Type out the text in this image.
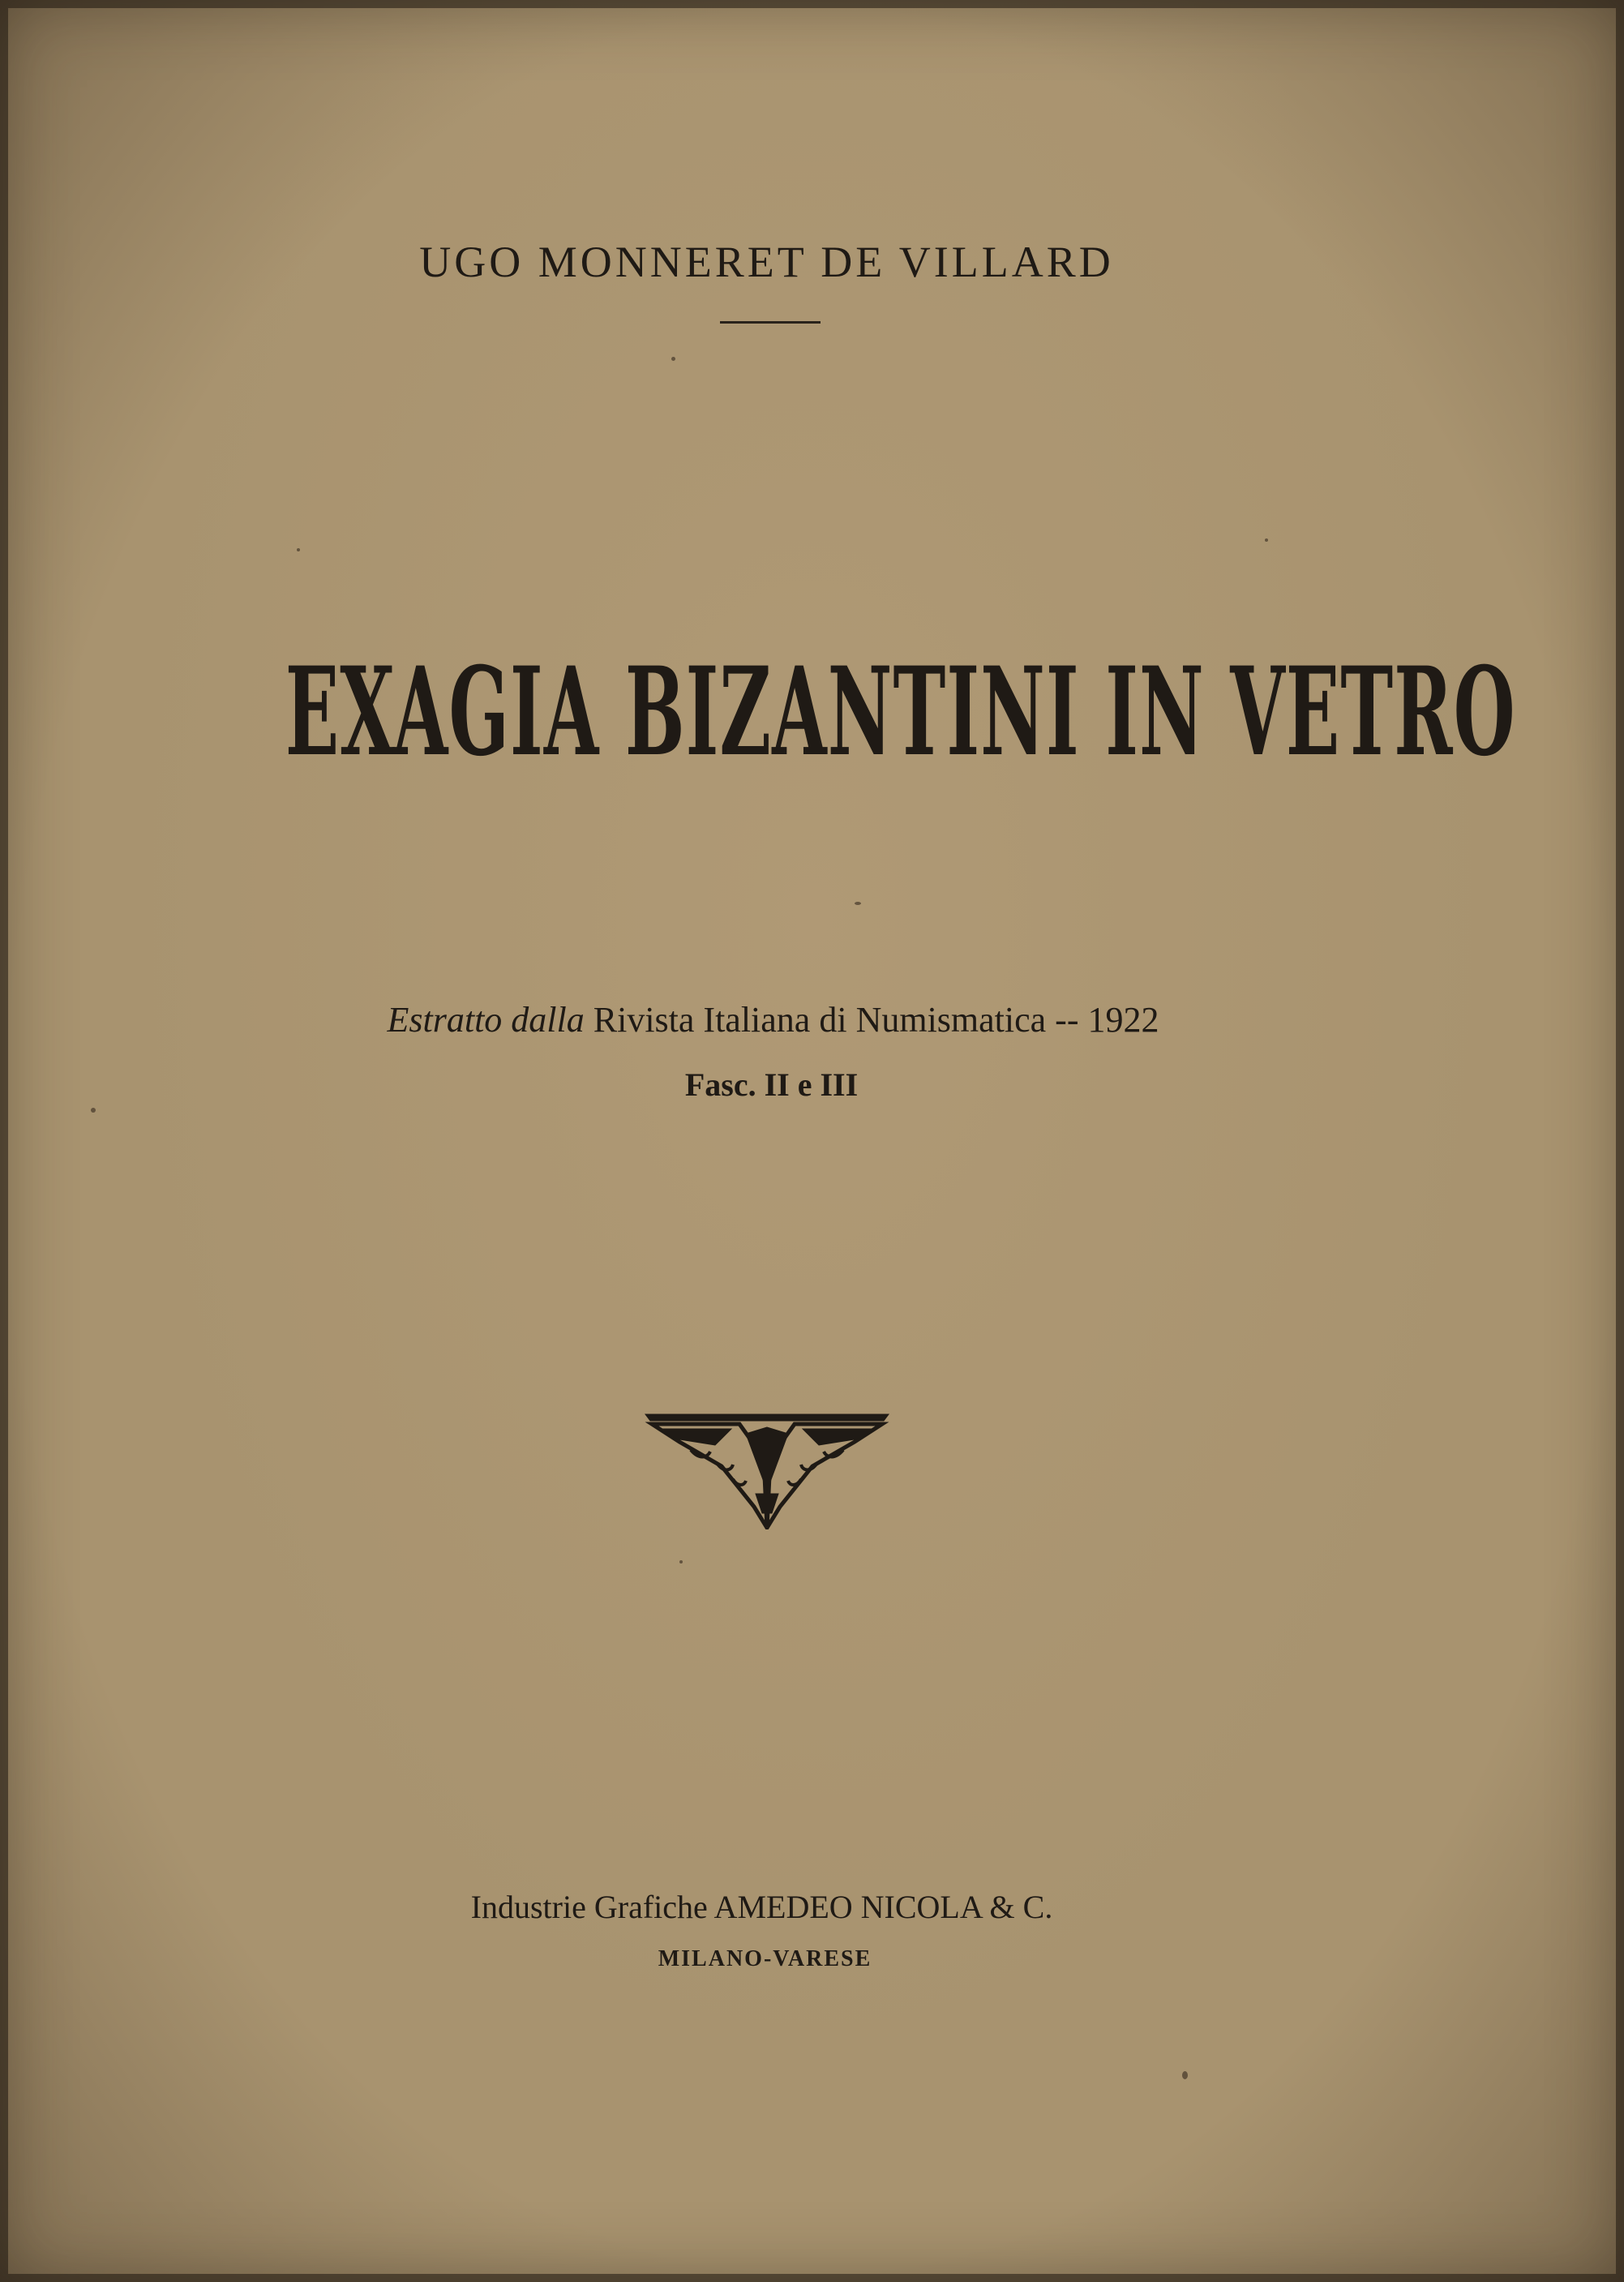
UGO MONNERET DE VILLARD
EXAGIA BIZANTINI IN VETRO
Estratto dalla Rivista Italiana di Numismatica -- 1922
Fasc. II e III
Industrie Grafiche AMEDEO NICOLA & C.
MILANO-VARESE
